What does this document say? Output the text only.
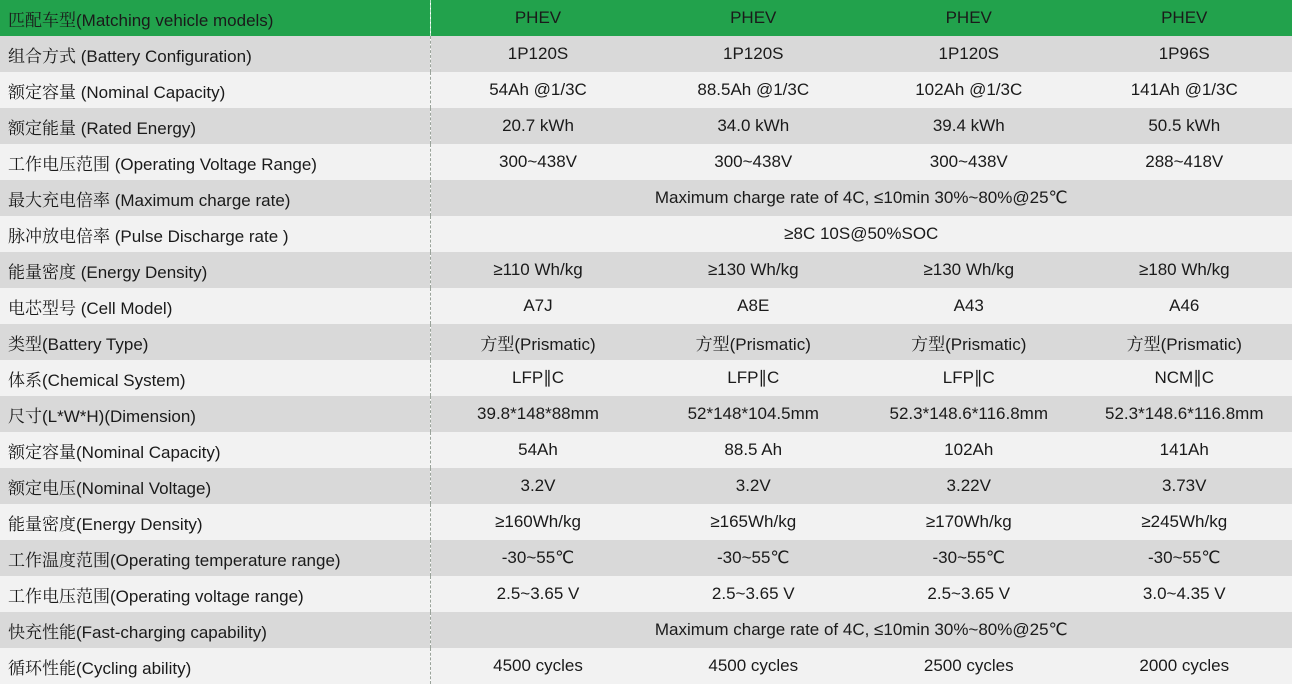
匹配车型(Matching vehicle models)	PHEV	PHEV	PHEV	PHEV
组合方式 (Battery Configuration)	1P120S	1P120S	1P120S	1P96S
额定容量 (Nominal Capacity)	54Ah @1/3C	88.5Ah @1/3C	102Ah @1/3C	141Ah @1/3C
额定能量 (Rated Energy)	20.7 kWh	34.0 kWh	39.4 kWh	50.5 kWh
工作电压范围 (Operating Voltage Range)	300~438V	300~438V	300~438V	288~418V
最大充电倍率 (Maximum charge rate)	Maximum charge rate of 4C, ≤10min 30%~80%@25℃			
脉冲放电倍率 (Pulse Discharge rate )	≥8C 10S@50%SOC			
能量密度 (Energy Density)	≥110 Wh/kg	≥130 Wh/kg	≥130 Wh/kg	≥180 Wh/kg
电芯型号 (Cell Model)	A7J	A8E	A43	A46
类型(Battery Type)	方型(Prismatic)	方型(Prismatic)	方型(Prismatic)	方型(Prismatic)
体系(Chemical System)	LFP∥C	LFP∥C	LFP∥C	NCM∥C
尺寸(L*W*H)(Dimension)	39.8*148*88mm	52*148*104.5mm	52.3*148.6*116.8mm	52.3*148.6*116.8mm
额定容量(Nominal Capacity)	54Ah	88.5 Ah	102Ah	141Ah
额定电压(Nominal Voltage)	3.2V	3.2V	3.22V	3.73V
能量密度(Energy Density)	≥160Wh/kg	≥165Wh/kg	≥170Wh/kg	≥245Wh/kg
工作温度范围(Operating temperature range)	-30~55℃	-30~55℃	-30~55℃	-30~55℃
工作电压范围(Operating voltage range)	2.5~3.65 V	2.5~3.65 V	2.5~3.65 V	3.0~4.35 V
快充性能(Fast-charging capability)	Maximum charge rate of 4C, ≤10min 30%~80%@25℃			
循环性能(Cycling ability)	4500 cycles	4500 cycles	2500 cycles	2000 cycles
